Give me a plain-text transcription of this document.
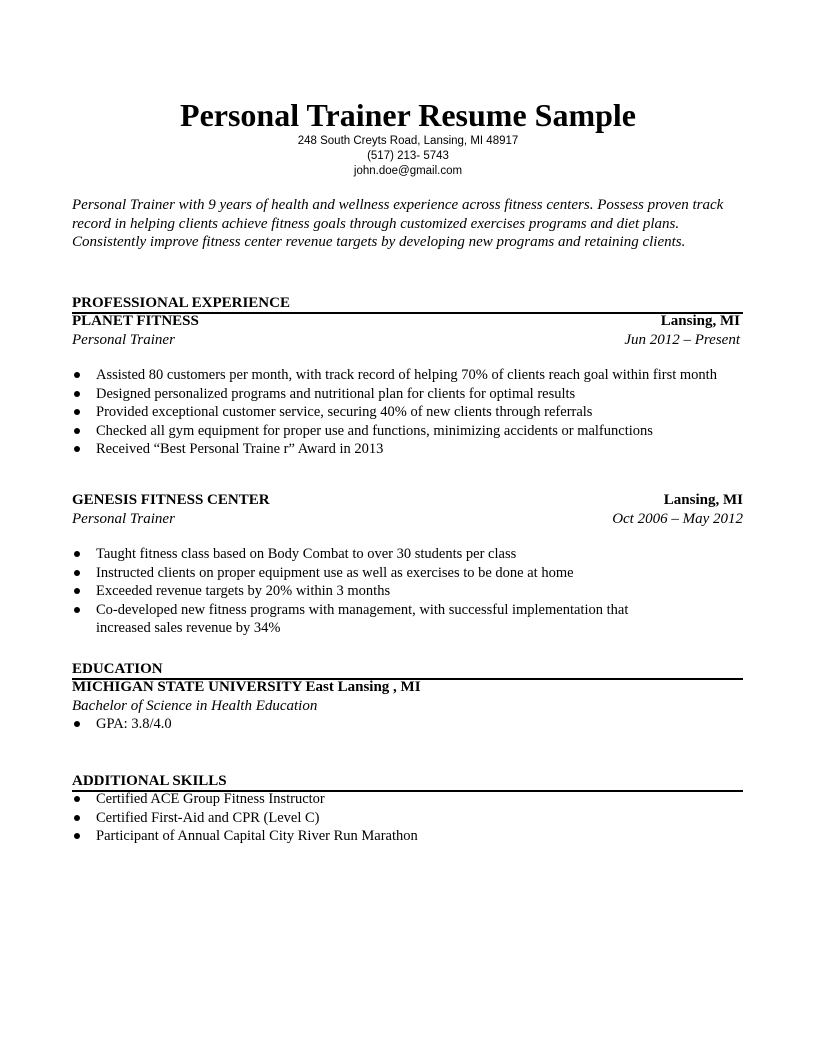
Personal Trainer Resume Sample
248 South Creyts Road, Lansing, MI 48917
(517) 213- 5743
john.doe@gmail.com
Personal Trainer with 9 years of health and wellness experience across fitness centers. Possess proven track record in helping clients achieve fitness goals through customized exercises programs and diet plans. Consistently improve fitness center revenue targets by developing new programs and retaining clients.
PROFESSIONAL EXPERIENCE
PLANET FITNESS	Lansing, MI
Personal Trainer	Jun 2012 – Present
Assisted 80 customers per month, with track record of helping 70% of clients reach goal within first month
Designed personalized programs and nutritional plan for clients for optimal results
Provided exceptional customer service, securing 40% of new clients through referrals
Checked all gym equipment for proper use and functions, minimizing accidents or malfunctions
Received “Best Personal Traine r” Award in 2013
GENESIS FITNESS CENTER	Lansing, MI
Personal Trainer	Oct 2006 – May 2012
Taught fitness class based on Body Combat to over 30 students per class
Instructed clients on proper equipment use as well as exercises to be done at home
Exceeded revenue targets by 20% within 3 months
Co-developed new fitness programs with management, with successful implementation that increased sales revenue by 34%
EDUCATION
MICHIGAN STATE UNIVERSITY East Lansing , MI
Bachelor of Science in Health Education
GPA: 3.8/4.0
ADDITIONAL SKILLS
Certified ACE Group Fitness Instructor
Certified First-Aid and CPR (Level C)
Participant of Annual Capital City River Run Marathon
